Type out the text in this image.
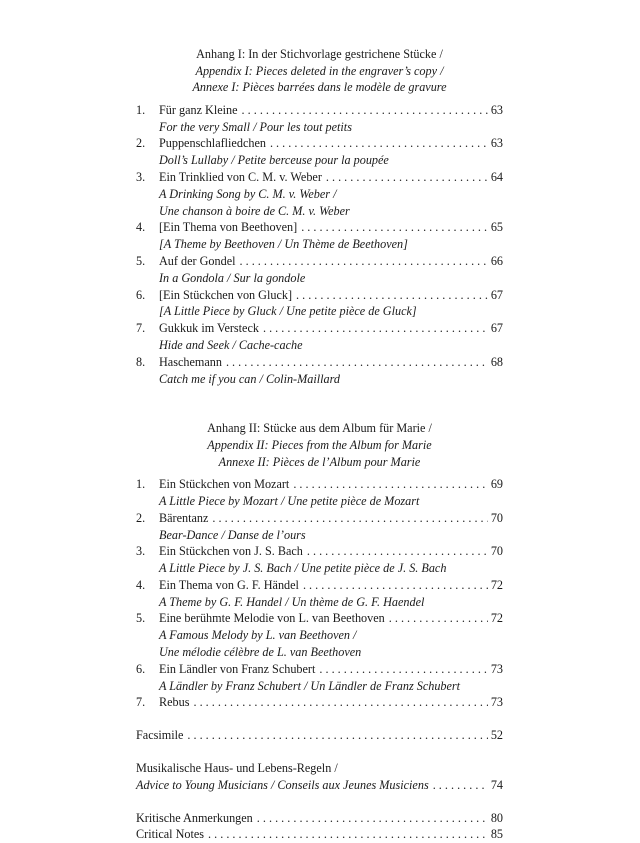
Anhang I: In der Stichvorlage gestrichene Stücke /
Appendix I: Pieces deleted in the engraver’s copy /
Annexe I: Pièces barrées dans le modèle de gravure
1. Für ganz Kleine . . .	63
For the very Small / Pour les tout petits
2. Puppenschlafliedchen . . .	63
Doll’s Lullaby / Petite berceuse pour la poupée
3. Ein Trinklied von C. M. v. Weber . . .	64
A Drinking Song by C. M. v. Weber /
Une chanson à boire de C. M. v. Weber
4. [Ein Thema von Beethoven] . . .	65
[A Theme by Beethoven / Un Thème de Beethoven]
5. Auf der Gondel . . .	66
In a Gondola / Sur la gondole
6. [Ein Stückchen von Gluck] . . .	67
[A Little Piece by Gluck / Une petite pièce de Gluck]
7. Gukkuk im Versteck . . .	67
Hide and Seek / Cache-cache
8. Haschemann . . .	68
Catch me if you can / Colin-Maillard
Anhang II: Stücke aus dem Album für Marie /
Appendix II: Pieces from the Album for Marie
Annexe II: Pièces de l’Album pour Marie
1. Ein Stückchen von Mozart . . .	69
A Little Piece by Mozart / Une petite pièce de Mozart
2. Bärentanz . . .	70
Bear-Dance / Danse de l’ours
3. Ein Stückchen von J. S. Bach . . .	70
A Little Piece by J. S. Bach / Une petite pièce de J. S. Bach
4. Ein Thema von G. F. Händel . . .	72
A Theme by G. F. Handel / Un thème de G. F. Haendel
5. Eine berühmte Melodie von L. van Beethoven . . .	72
A Famous Melody by L. van Beethoven /
Une mélodie célèbre de L. van Beethoven
6. Ein Ländler von Franz Schubert . . .	73
A Ländler by Franz Schubert / Un Ländler de Franz Schubert
7. Rebus . . .	73
Facsimile . . .	52
Musikalische Haus- und Lebens-Regeln /
Advice to Young Musicians / Conseils aux Jeunes Musiciens . . .	74
Kritische Anmerkungen . . .	80
Critical Notes . . .	85
